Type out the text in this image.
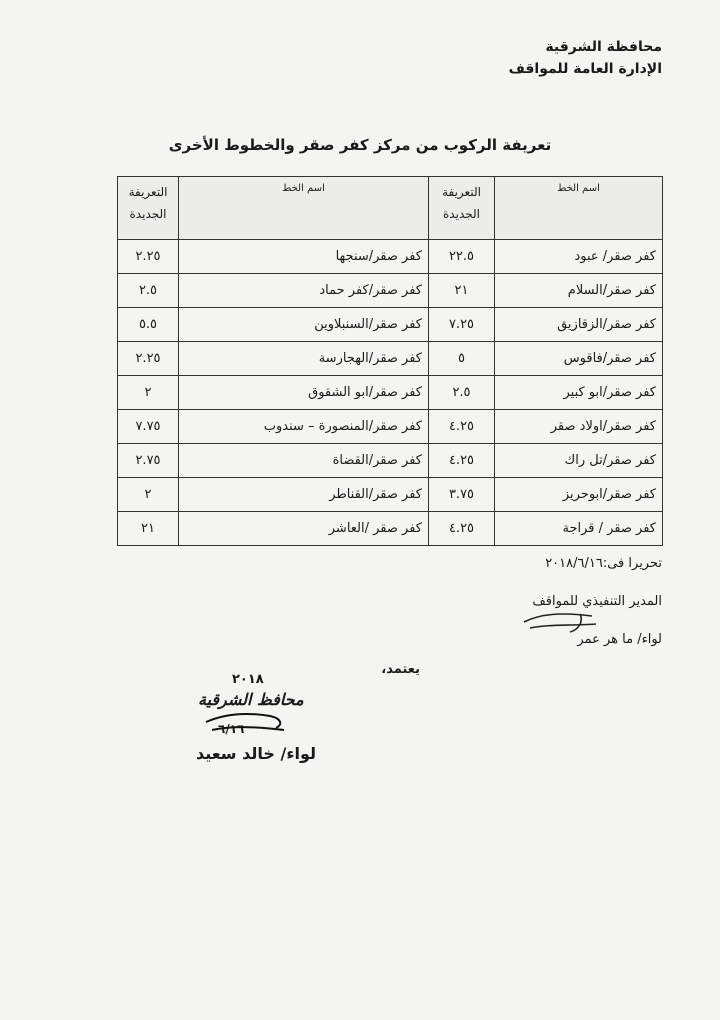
محافظة الشرقية
الإدارة العامة للمواقف
تعريفة الركوب من مركز كفر صقر والخطوط الأخرى
اسم الخط	التعريفة الجديدة	اسم الخط	التعريفة الجديدة
كفر صقر/ عبود	٢٢.٥	كفر صقر/سنجها	٢.٢٥
كفر صقر/السلام	٢١	كفر صقر/كفر حماد	٢.٥
كفر صقر/الزقازيق	٧.٢٥	كفر صقر/السنبلاوين	٥.٥
كفر صقر/فاقوس	٥	كفر صقر/الهجارسة	٢.٢٥
كفر صقر/ابو كبير	٢.٥	كفر صقر/ابو الشقوق	٢
كفر صقر/اولاد صقر	٤.٢٥	كفر صقر/المنصورة – سندوب	٧.٧٥
كفر صقر/تل راك	٤.٢٥	كفر صقر/القضاة	٢.٧٥
كفر صقر/ابوحريز	٣.٧٥	كفر صقر/القناطر	٢
كفر صقر / قراجة	٤.٢٥	كفر صقر /العاشر	٢١
تحريرا فى:٢٠١٨/٦/١٦
المدير التنفيذي للمواقف
لواء/ ما هر عمر
يعتمد،
٢٠١٨
محافظ الشرقية
٦/١٦
لواء/ خالد سعيد
